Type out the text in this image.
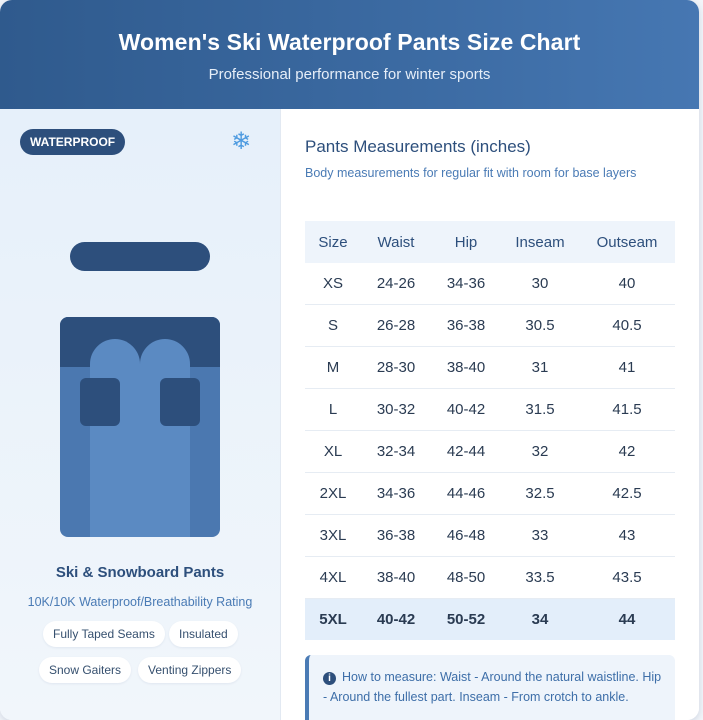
Women's Ski Waterproof Pants Size Chart

Professional performance for winter sports

WATERPROOF	❄
Ski & Snowboard Pants
10K/10K Waterproof/Breathability Rating
Fully Taped Seams	Insulated
Snow Gaiters	Venting Zippers
Pants Measurements (inches)
Body measurements for regular fit with room for base layers
Size	Waist	Hip	Inseam	Outseam
XS	24-26	34-36	30	40
S	26-28	36-38	30.5	40.5
M	28-30	38-40	31	41
L	30-32	40-42	31.5	41.5
XL	32-34	42-44	32	42
2XL	34-36	44-46	32.5	42.5
3XL	36-38	46-48	33	43
4XL	38-40	48-50	33.5	43.5
5XL	40-42	50-52	34	44
i How to measure: Waist - Around the natural waistline. Hip - Around the fullest part. Inseam - From crotch to ankle.
